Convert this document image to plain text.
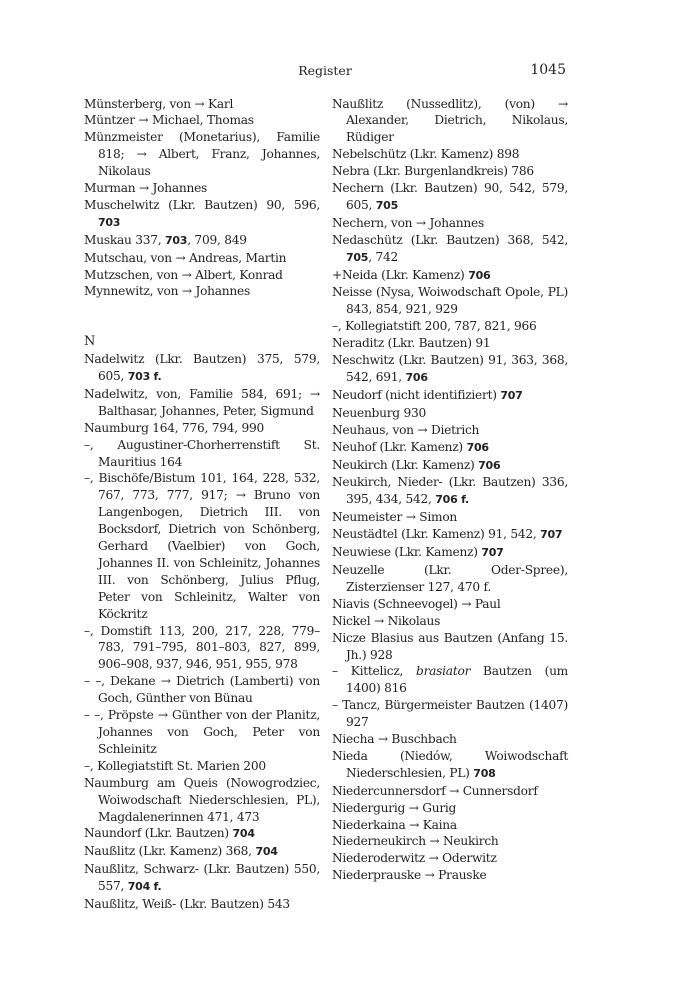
Register	1045

Münsterberg, von → Karl

Müntzer → Michael, Thomas

Münzmeister (Monetarius), Familie 818; → Albert, Franz, Johannes, Nikolaus

Murman → Johannes

Muschelwitz (Lkr. Bautzen) 90, 596, 703

Muskau 337, 703, 709, 849

Mutschau, von → Andreas, Martin

Mutzschen, von → Albert, Konrad

Mynnewitz, von → Johannes

N

Nadelwitz (Lkr. Bautzen) 375, 579, 605, 703 f.

Nadelwitz, von, Familie 584, 691; → Balthasar, Johannes, Peter, Sigmund

Naumburg 164, 776, 794, 990

–, Augustiner-Chorherrenstift St. Mauritius 164

–, Bischöfe/Bistum 101, 164, 228, 532, 767, 773, 777, 917; → Bruno von Langenbogen, Dietrich III. von Bocksdorf, Dietrich von Schönberg, Gerhard (Vaelbier) von Goch, Johannes II. von Schleinitz, Johannes III. von Schönberg, Julius Pflug, Peter von Schleinitz, Walter von Köckritz

–, Domstift 113, 200, 217, 228, 779–783, 791–795, 801–803, 827, 899, 906–908, 937, 946, 951, 955, 978

– –, Dekane → Dietrich (Lamberti) von Goch, Günther von Bünau

– –, Pröpste → Günther von der Planitz, Johannes von Goch, Peter von Schleinitz

–, Kollegiatstift St. Marien 200

Naumburg am Queis (Nowogrodziec, Woiwodschaft Niederschlesien, PL), Magdalenerinnen 471, 473

Naundorf (Lkr. Bautzen) 704

Naußlitz (Lkr. Kamenz) 368, 704

Naußlitz, Schwarz- (Lkr. Bautzen) 550, 557, 704 f.

Naußlitz, Weiß- (Lkr. Bautzen) 543

Naußlitz (Nussedlitz), (von) → Alexander, Dietrich, Nikolaus, Rüdiger

Nebelschütz (Lkr. Kamenz) 898

Nebra (Lkr. Burgenlandkreis) 786

Nechern (Lkr. Bautzen) 90, 542, 579, 605, 705

Nechern, von → Johannes

Nedaschütz (Lkr. Bautzen) 368, 542, 705, 742

+Neida (Lkr. Kamenz) 706

Neisse (Nysa, Woiwodschaft Opole, PL) 843, 854, 921, 929

–, Kollegiatstift 200, 787, 821, 966

Neraditz (Lkr. Bautzen) 91

Neschwitz (Lkr. Bautzen) 91, 363, 368, 542, 691, 706

Neudorf (nicht identifiziert) 707

Neuenburg 930

Neuhaus, von → Dietrich

Neuhof (Lkr. Kamenz) 706

Neukirch (Lkr. Kamenz) 706

Neukirch, Nieder- (Lkr. Bautzen) 336, 395, 434, 542, 706 f.

Neumeister → Simon

Neustädtel (Lkr. Kamenz) 91, 542, 707

Neuwiese (Lkr. Kamenz) 707

Neuzelle (Lkr. Oder-Spree), Zisterzienser 127, 470 f.

Niavis (Schneevogel) → Paul

Nickel → Nikolaus

Nicze Blasius aus Bautzen (Anfang 15. Jh.) 928

– Kittelicz, brasiator Bautzen (um 1400) 816

– Tancz, Bürgermeister Bautzen (1407) 927

Niecha → Buschbach

Nieda (Niedów, Woiwodschaft Niederschlesien, PL) 708

Niedercunnersdorf → Cunnersdorf

Niedergurig → Gurig

Niederkaina → Kaina

Niederneukirch → Neukirch

Niederoderwitz → Oderwitz

Niederprauske → Prauske
